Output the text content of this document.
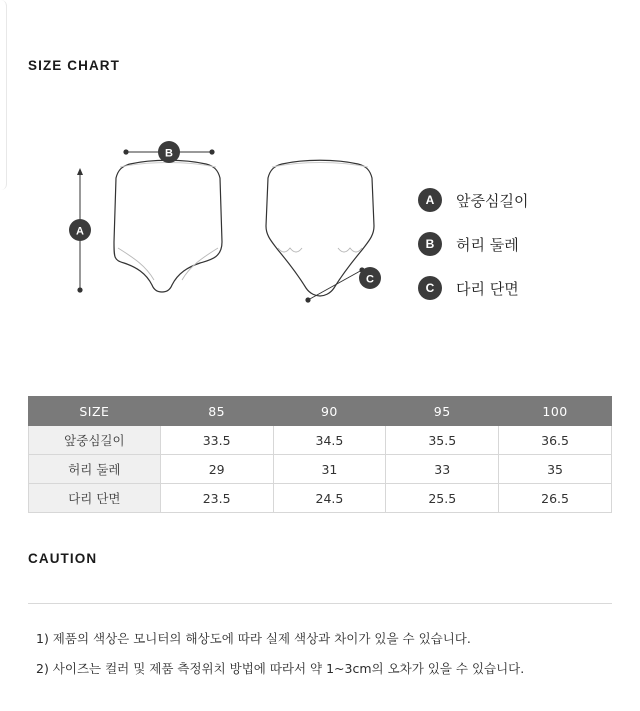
SIZE CHART
B
A
C
A	앞중심길이
B	허리 둘레
C	다리 단면
SIZE	85	90	95	100
앞중심길이	33.5	34.5	35.5	36.5
허리 둘레	29	31	33	35
다리 단면	23.5	24.5	25.5	26.5
CAUTION
1) 제품의 색상은 모니터의 해상도에 따라 실제 색상과 차이가 있을 수 있습니다.
2) 사이즈는 컬러 및 제품 측정위치 방법에 따라서 약 1~3cm의 오차가 있을 수 있습니다.
